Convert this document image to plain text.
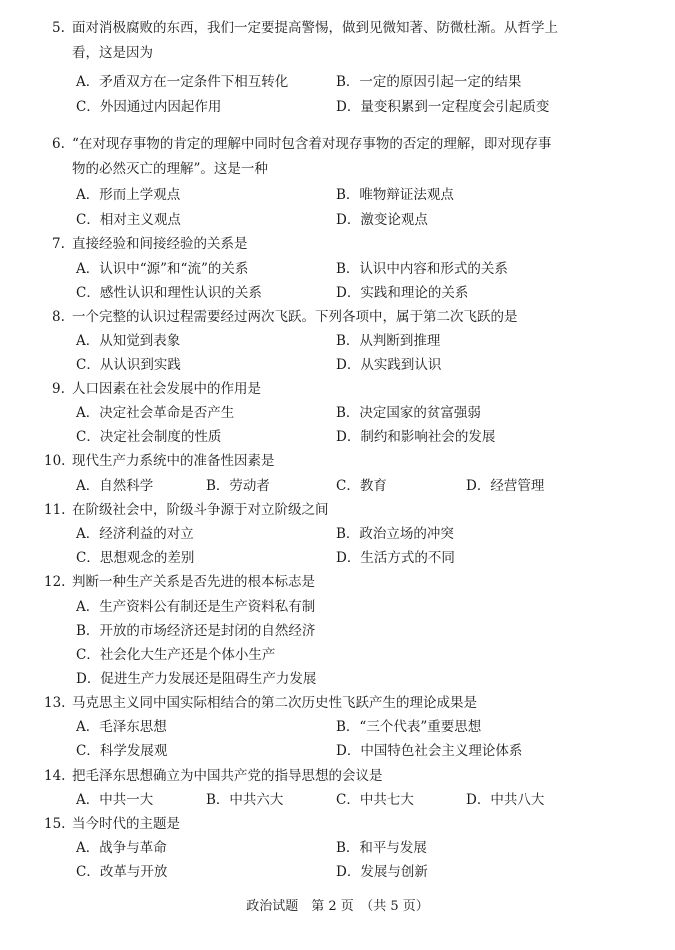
5. 面对消极腐败的东西，我们一定要提高警惕，做到见微知著、防微杜渐。从哲学上
看，这是因为
A．矛盾双方在一定条件下相互转化	B．一定的原因引起一定的结果
C．外因通过内因起作用	D．量变积累到一定程度会引起质变
6. “在对现存事物的肯定的理解中同时包含着对现存事物的否定的理解，即对现存事
物的必然灭亡的理解”。这是一种
A．形而上学观点	B．唯物辩证法观点
C．相对主义观点	D．激变论观点
7. 直接经验和间接经验的关系是
A．认识中“源”和“流”的关系	B．认识中内容和形式的关系
C．感性认识和理性认识的关系	D．实践和理论的关系
8. 一个完整的认识过程需要经过两次飞跃。下列各项中，属于第二次飞跃的是
A．从知觉到表象	B．从判断到推理
C．从认识到实践	D．从实践到认识
9. 人口因素在社会发展中的作用是
A．决定社会革命是否产生	B．决定国家的贫富强弱
C．决定社会制度的性质	D．制约和影响社会的发展
10. 现代生产力系统中的准备性因素是
A．自然科学	B．劳动者	C．教育	D．经营管理
11. 在阶级社会中，阶级斗争源于对立阶级之间
A．经济利益的对立	B．政治立场的冲突
C．思想观念的差别	D．生活方式的不同
12. 判断一种生产关系是否先进的根本标志是
A．生产资料公有制还是生产资料私有制
B．开放的市场经济还是封闭的自然经济
C．社会化大生产还是个体小生产
D．促进生产力发展还是阻碍生产力发展
13. 马克思主义同中国实际相结合的第二次历史性飞跃产生的理论成果是
A．毛泽东思想	B．“三个代表”重要思想
C．科学发展观	D．中国特色社会主义理论体系
14. 把毛泽东思想确立为中国共产党的指导思想的会议是
A．中共一大	B．中共六大	C．中共七大	D．中共八大
15. 当今时代的主题是
A．战争与革命	B．和平与发展
C．改革与开放	D．发展与创新
政治试题　第 2 页　（共 5 页）
